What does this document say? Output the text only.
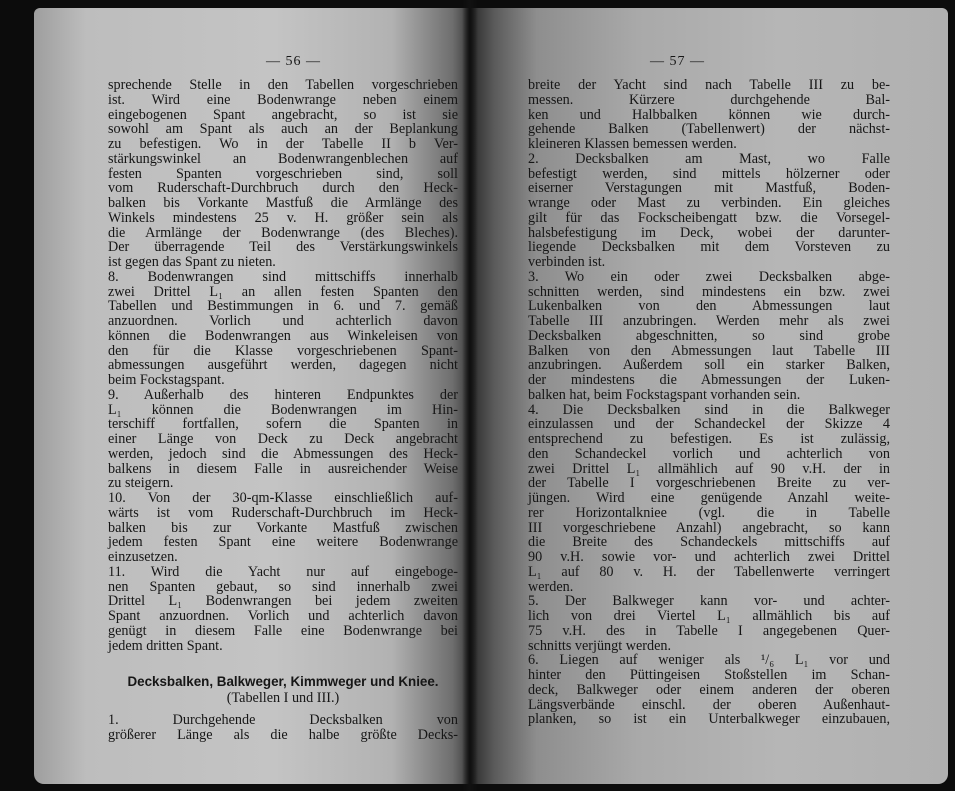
— 56 —
sprechende Stelle in den Tabellen vorgeschrieben
ist. Wird eine Bodenwrange neben einem
eingebogenen Spant angebracht, so ist sie
sowohl am Spant als auch an der Beplankung
zu befestigen. Wo in der Tabelle II b Ver-
stärkungswinkel an Bodenwrangenblechen auf
festen Spanten vorgeschrieben sind, soll
vom Ruderschaft-Durchbruch durch den Heck-
balken bis Vorkante Mastfuß die Armlänge des
Winkels mindestens 25 v. H. größer sein als
die Armlänge der Bodenwrange (des Bleches).
Der überragende Teil des Verstärkungswinkels
ist gegen das Spant zu nieten.
8. Bodenwrangen sind mittschiffs innerhalb
zwei Drittel L₁ an allen festen Spanten den
Tabellen und Bestimmungen in 6. und 7. gemäß
anzuordnen. Vorlich und achterlich davon
können die Bodenwrangen aus Winkeleisen von
den für die Klasse vorgeschriebenen Spant-
abmessungen ausgeführt werden, dagegen nicht
beim Fockstagspant.
9. Außerhalb des hinteren Endpunktes der
L₁ können die Bodenwrangen im Hin-
terschiff fortfallen, sofern die Spanten in
einer Länge von Deck zu Deck angebracht
werden, jedoch sind die Abmessungen des Heck-
balkens in diesem Falle in ausreichender Weise
zu steigern.
10. Von der 30-qm-Klasse einschließlich auf-
wärts ist vom Ruderschaft-Durchbruch im Heck-
balken bis zur Vorkante Mastfuß zwischen
jedem festen Spant eine weitere Bodenwrange
einzusetzen.
11. Wird die Yacht nur auf eingeboge-
nen Spanten gebaut, so sind innerhalb zwei
Drittel L₁ Bodenwrangen bei jedem zweiten
Spant anzuordnen. Vorlich und achterlich davon
genügt in diesem Falle eine Bodenwrange bei
jedem dritten Spant.
Decksbalken, Balkweger, Kimmweger und Kniee.
(Tabellen I und III.)
1. Durchgehende Decksbalken von
größerer Länge als die halbe größte Decks-
— 57 —
breite der Yacht sind nach Tabelle III zu be-
messen. Kürzere durchgehende Bal-
ken und Halbbalken können wie durch-
gehende Balken (Tabellenwert) der nächst-
kleineren Klassen bemessen werden.
2. Decksbalken am Mast, wo Falle
befestigt werden, sind mittels hölzerner oder
eiserner Verstagungen mit Mastfuß, Boden-
wrange oder Mast zu verbinden. Ein gleiches
gilt für das Fockscheibengatt bzw. die Vorsegel-
halsbefestigung im Deck, wobei der darunter-
liegende Decksbalken mit dem Vorsteven zu
verbinden ist.
3. Wo ein oder zwei Decksbalken abge-
schnitten werden, sind mindestens ein bzw. zwei
Lukenbalken von den Abmessungen laut
Tabelle III anzubringen. Werden mehr als zwei
Decksbalken abgeschnitten, so sind grobe
Balken von den Abmessungen laut Tabelle III
anzubringen. Außerdem soll ein starker Balken,
der mindestens die Abmessungen der Luken-
balken hat, beim Fockstagspant vorhanden sein.
4. Die Decksbalken sind in die Balkweger
einzulassen und der Schandeckel der Skizze 4
entsprechend zu befestigen. Es ist zulässig,
den Schandeckel vorlich und achterlich von
zwei Drittel L₁ allmählich auf 90 v.H. der in
der Tabelle I vorgeschriebenen Breite zu ver-
jüngen. Wird eine genügende Anzahl weite-
rer Horizontalkniee (vgl. die in Tabelle
III vorgeschriebene Anzahl) angebracht, so kann
die Breite des Schandeckels mittschiffs auf
90 v.H. sowie vor- und achterlich zwei Drittel
L₁ auf 80 v. H. der Tabellenwerte verringert
werden.
5. Der Balkweger kann vor- und achter-
lich von drei Viertel L₁ allmählich bis auf
75 v.H. des in Tabelle I angegebenen Quer-
schnitts verjüngt werden.
6. Liegen auf weniger als ¹/₆ L₁ vor und
hinter den Püttingeisen Stoßstellen im Schan-
deck, Balkweger oder einem anderen der oberen
Längsverbände einschl. der oberen Außenhaut-
planken, so ist ein Unterbalkweger einzubauen,
